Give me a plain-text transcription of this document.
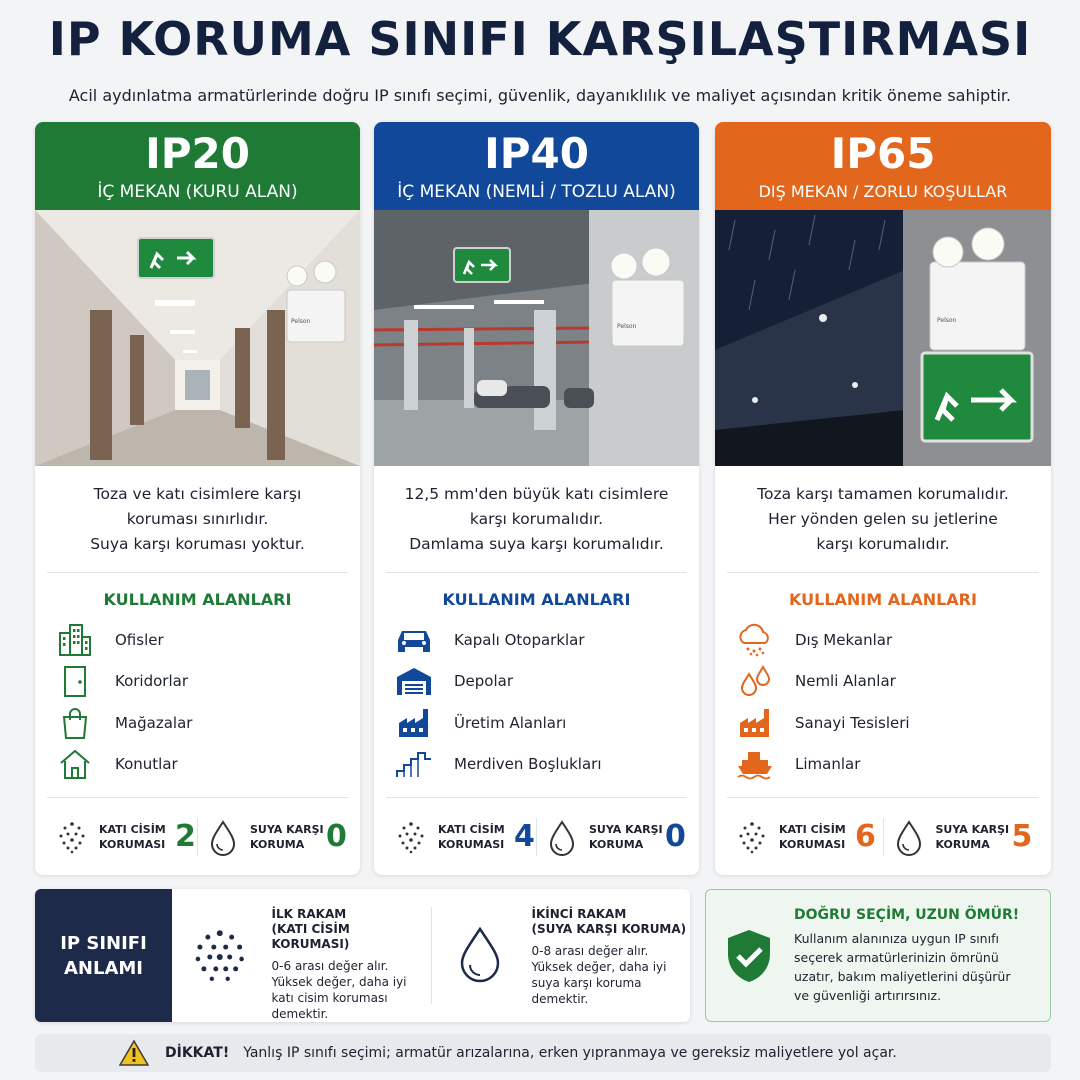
IP KORUMA SINIFI KARŞILAŞTIRMASI

Acil aydınlatma armatürlerinde doğru IP sınıfı seçimi, güvenlik, dayanıklılık ve maliyet açısından kritik öneme sahiptir.

IP20
İÇ MEKAN (KURU ALAN)
Pelson
Toza ve katı cisimlere karşı
koruması sınırlıdır.
Suya karşı koruması yoktur.
KULLANIM ALANLARI
Ofisler
Koridorlar
Mağazalar
Konutlar
KATI CİSİM
KORUMASI 2	SUYA KARŞI
KORUMA 0
IP40
İÇ MEKAN (NEMLİ / TOZLU ALAN)
Pelson
12,5 mm'den büyük katı cisimlere
karşı korumalıdır.
Damlama suya karşı korumalıdır.
KULLANIM ALANLARI
Kapalı Otoparklar
Depolar
Üretim Alanları
Merdiven Boşlukları
KATI CİSİM
KORUMASI 4	SUYA KARŞI
KORUMA 0
IP65
DIŞ MEKAN / ZORLU KOŞULLAR
Pelson
Toza karşı tamamen korumalıdır.
Her yönden gelen su jetlerine
karşı korumalıdır.
KULLANIM ALANLARI
Dış Mekanlar
Nemli Alanlar
Sanayi Tesisleri
Limanlar
KATI CİSİM
KORUMASI 6	SUYA KARŞI
KORUMA 5
IP SINIFI
ANLAMI
İLK RAKAM
(KATI CİSİM KORUMASI)
0-6 arası değer alır.
Yüksek değer, daha iyi
katı cisim koruması
demektir.
İKİNCİ RAKAM
(SUYA KARŞI KORUMA)
0-8 arası değer alır.
Yüksek değer, daha iyi
suya karşı koruma
demektir.
DOĞRU SEÇİM, UZUN ÖMÜR!
Kullanım alanınıza uygun IP sınıfı
seçerek armatürlerinizin ömrünü
uzatır, bakım maliyetlerini düşürür
ve güvenliği artırırsınız.
DİKKAT! Yanlış IP sınıfı seçimi; armatür arızalarına, erken yıpranmaya ve gereksiz maliyetlere yol açar.
